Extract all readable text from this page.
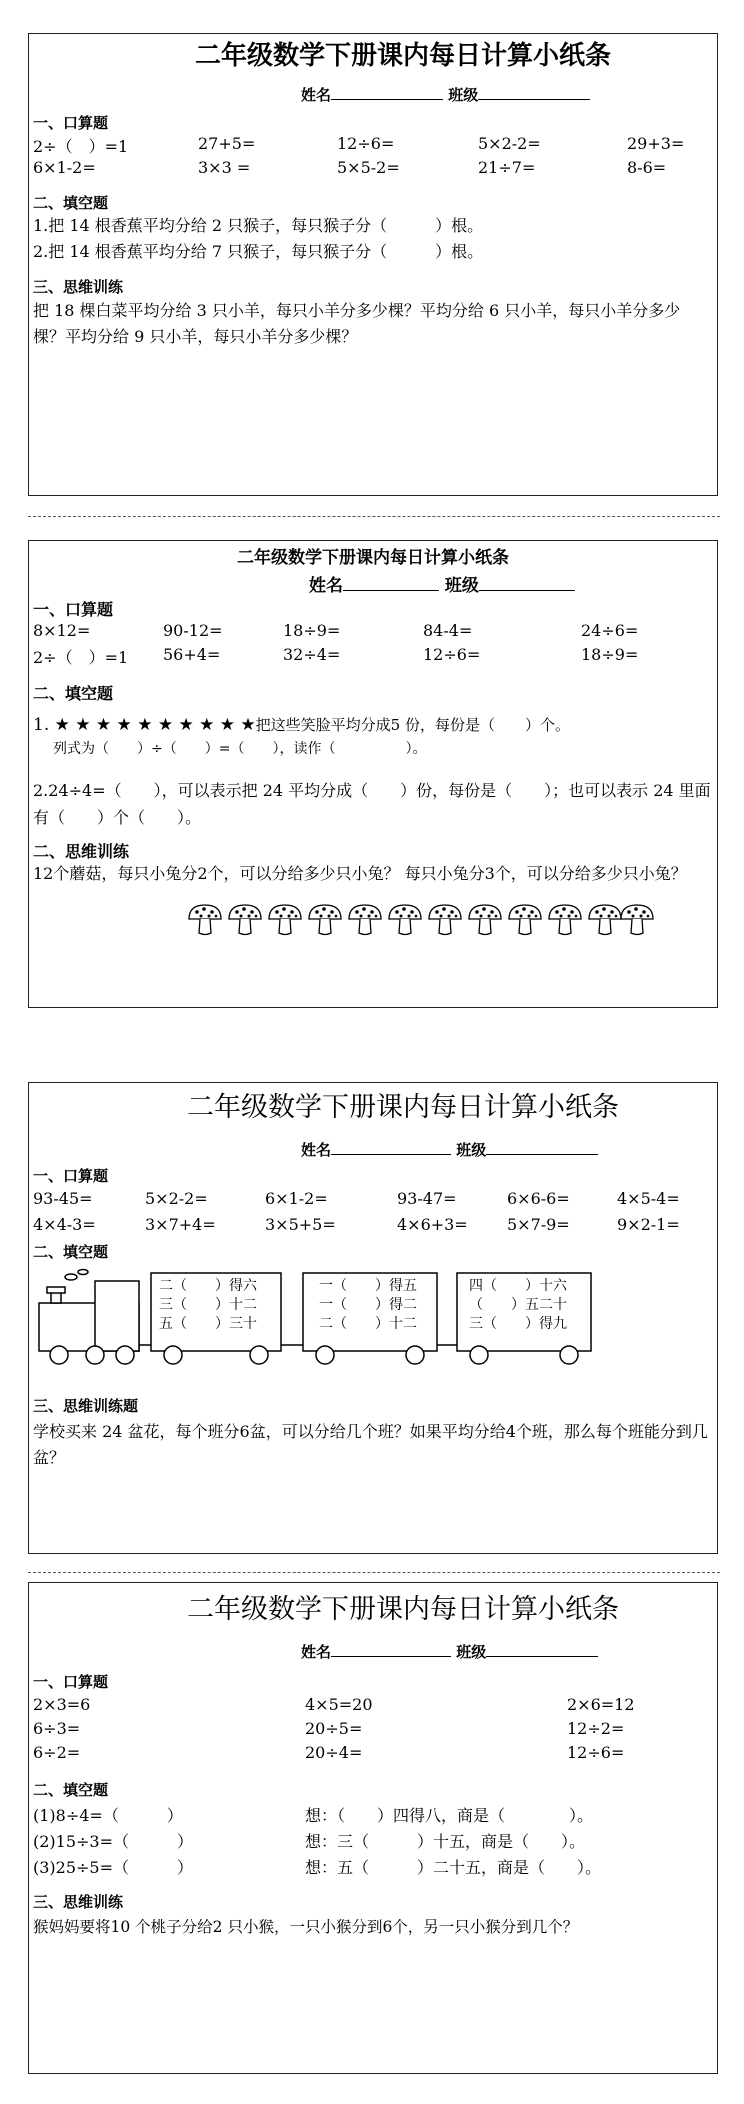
二年级数学下册课内每日计算小纸条
姓名	班级
一、口算题
2÷（　）=1	27+5=	12÷6=	5×2-2=	29+3=
6×1-2=	3×3 =	5×5-2=	21÷7=	8-6=
二、填空题
1.把 14 根香蕉平均分给 2 只猴子，每只猴子分（　　　）根。
2.把 14 根香蕉平均分给 7 只猴子，每只猴子分（　　　）根。
三、思维训练
把 18 棵白菜平均分给 3 只小羊，每只小羊分多少棵？平均分给 6 只小羊，每只小羊分多少棵？平均分给 9 只小羊，每只小羊分多少棵？
二年级数学下册课内每日计算小纸条
姓名	班级
一、口算题
8×12=	90-12=	18÷9=	84-4=	24÷6=
2÷（　）=1 56+4=	32÷4=	12÷6=	18÷9=
二、填空题
1. ★ ★ ★ ★ ★ ★ ★ ★ ★ ★把这些笑脸平均分成5 份，每份是（　　）个。
列式为（　　）÷（　　）=（　　），读作（　　　　　）。
2.24÷4=（　　），可以表示把 24 平均分成（　　）份，每份是（　　）；也可以表示 24 里面有（　　）个（　　）。
二、思维训练
12个蘑菇，每只小兔分2个，可以分给多少只小兔？ 每只小兔分3个，可以分给多少只小兔？
二年级数学下册课内每日计算小纸条
姓名	班级
一、口算题
93-45=	5×2-2=	6×1-2=	93-47=	6×6-6=	4×5-4=
4×4-3=	3×7+4=	3×5+5=	4×6+3= 5×7-9=	9×2-1=
二、填空题
二（　　）得六
三（　　）十二
五（　　）三十
一（　　）得五
一（　　）得二
二（　　）十二
四（　　）十六
（　　）五二十
三（　　）得九
三、思维训练题
学校买来 24 盆花，每个班分6盆，可以分给几个班？如果平均分给4个班，那么每个班能分到几盆？
二年级数学下册课内每日计算小纸条
姓名	班级
一、口算题
2×3=6	4×5=20	2×6=12
6÷3=	20÷5=	12÷2=
6÷2=	20÷4=	12÷6=
二、填空题
(1)8÷4=（　　　）	想：（　　）四得八，商是（　　　　）。
(2)15÷3=（　　　）	想：三（　　　）十五，商是（　　）。
(3)25÷5=（　　　）	想：五（　　　）二十五，商是（　　）。
三、思维训练
猴妈妈要将10 个桃子分给2 只小猴，一只小猴分到6个，另一只小猴分到几个？
